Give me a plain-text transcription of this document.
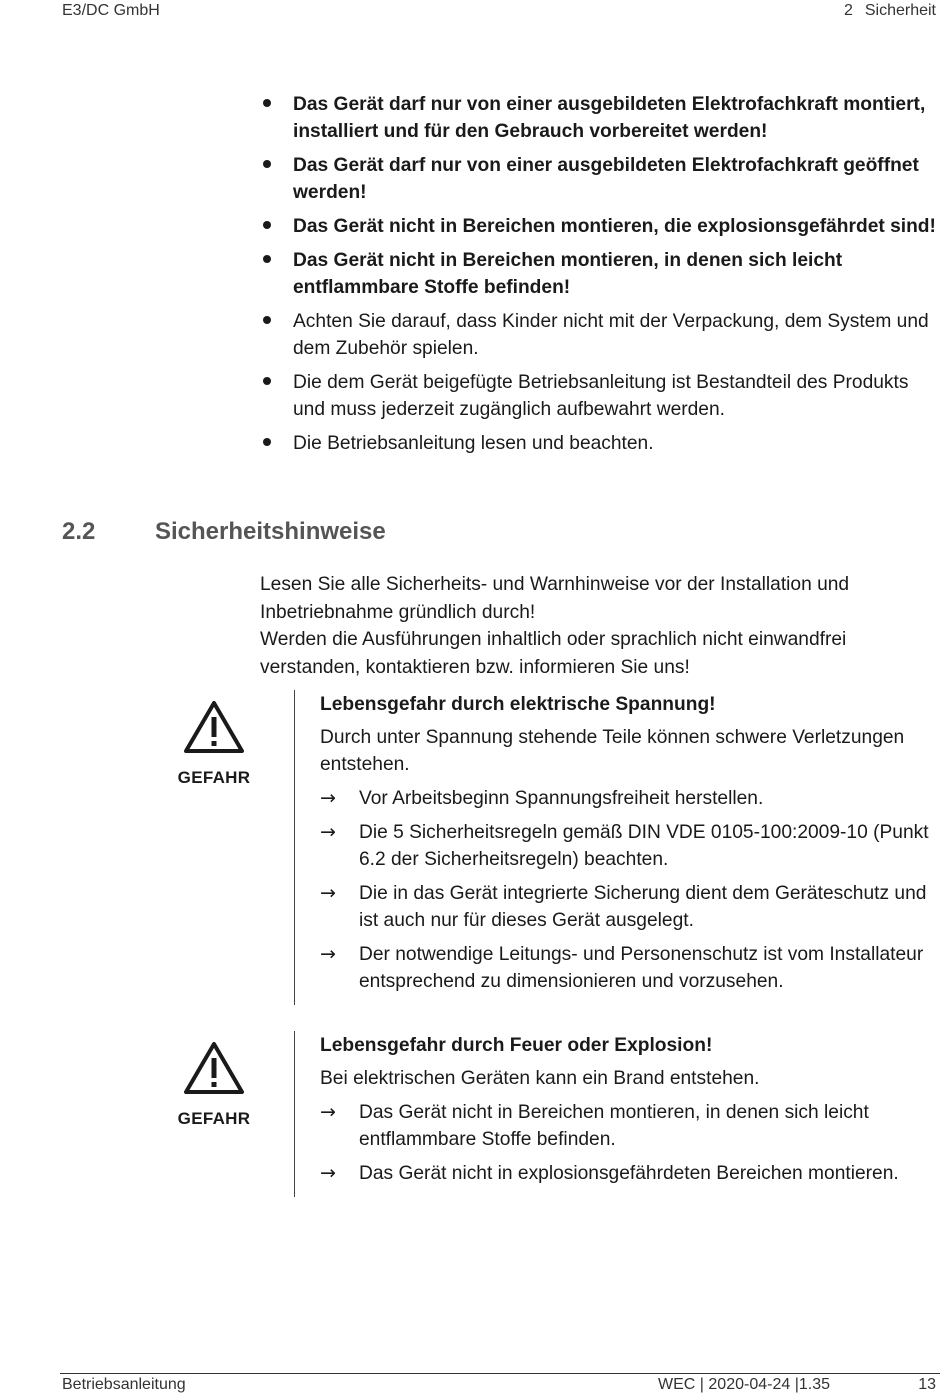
E3/DC GmbH	2 Sicherheit
Das Gerät darf nur von einer ausgebildeten Elektrofachkraft montiert, installiert und für den Gebrauch vorbereitet werden!
Das Gerät darf nur von einer ausgebildeten Elektrofachkraft geöffnet werden!
Das Gerät nicht in Bereichen montieren, die explosionsgefährdet sind!
Das Gerät nicht in Bereichen montieren, in denen sich leicht entflammbare Stoffe befinden!
Achten Sie darauf, dass Kinder nicht mit der Verpackung, dem System und dem Zubehör spielen.
Die dem Gerät beigefügte Betriebsanleitung ist Bestandteil des Produkts und muss jederzeit zugänglich aufbewahrt werden.
Die Betriebsanleitung lesen und beachten.
2.2 Sicherheitshinweise

Lesen Sie alle Sicherheits- und Warnhinweise vor der Installation und Inbetriebnahme gründlich durch!

Werden die Ausführungen inhaltlich oder sprachlich nicht einwandfrei verstanden, kontaktieren bzw. informieren Sie uns!

GEFAHR

Lebensgefahr durch elektrische Spannung!

Durch unter Spannung stehende Teile können schwere Verletzungen entstehen.

→ Vor Arbeitsbeginn Spannungsfreiheit herstellen.
→ Die 5 Sicherheitsregeln gemäß DIN VDE 0105-100:2009-10 (Punkt 6.2 der Sicherheitsregeln) beachten.
→ Die in das Gerät integrierte Sicherung dient dem Geräteschutz und ist auch nur für dieses Gerät ausgelegt.
→ Der notwendige Leitungs- und Personenschutz ist vom Installateur entsprechend zu dimensionieren und vorzusehen.
GEFAHR

Lebensgefahr durch Feuer oder Explosion!

Bei elektrischen Geräten kann ein Brand entstehen.

→ Das Gerät nicht in Bereichen montieren, in denen sich leicht entflammbare Stoffe befinden.
→ Das Gerät nicht in explosionsgefährdeten Bereichen montieren.
Betriebsanleitung	WEC | 2020-04-24 |1.35	13
